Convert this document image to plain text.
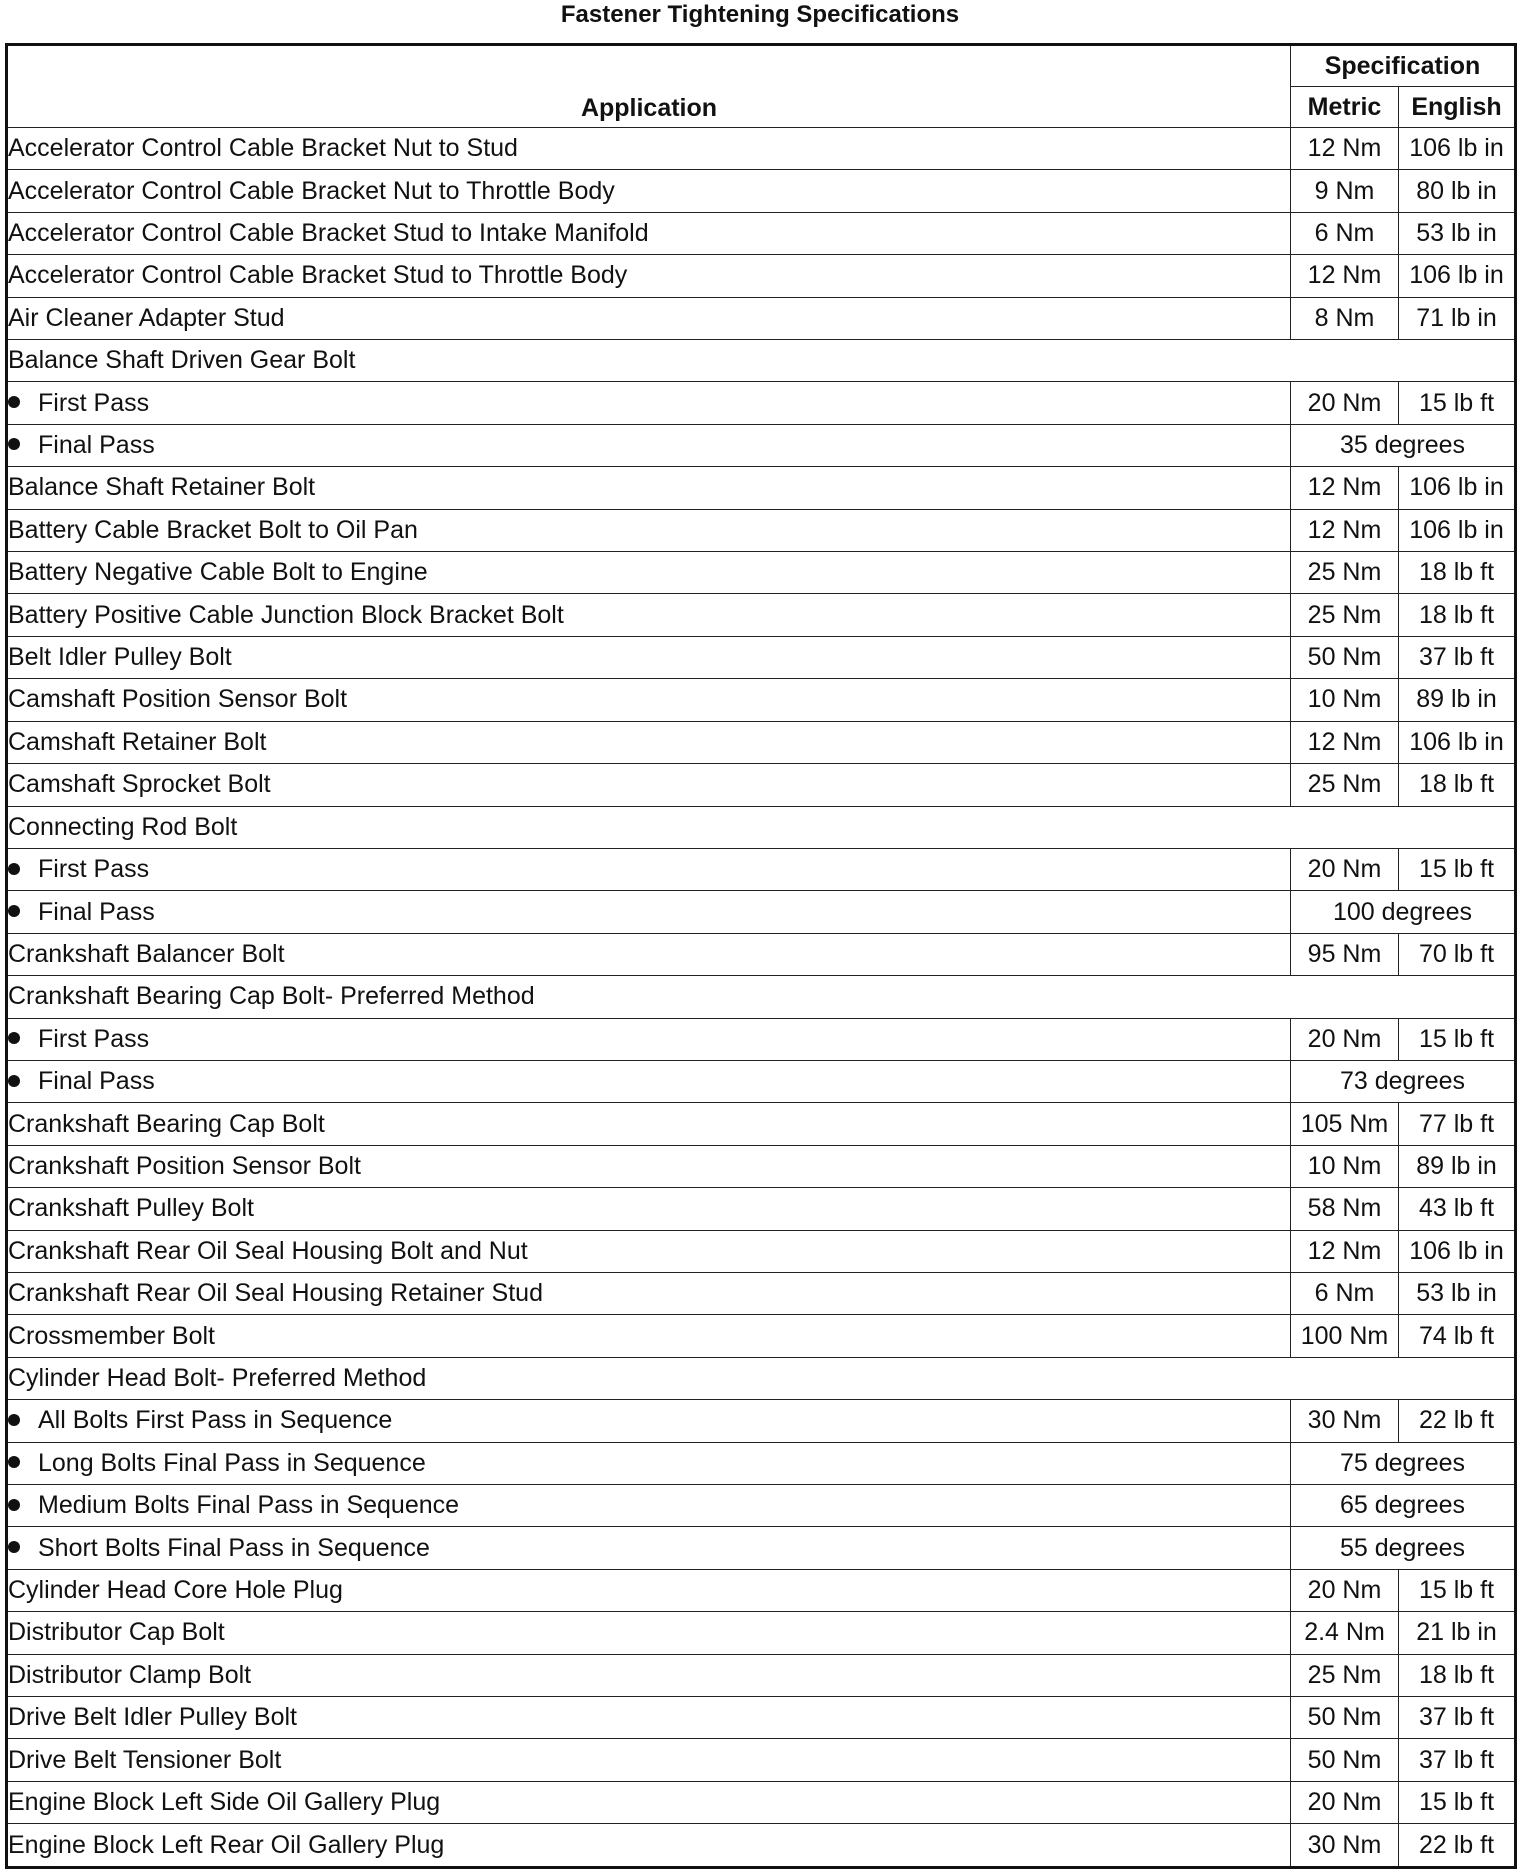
Fastener Tightening Specifications
Application	Specification	
	Metric	English
Accelerator Control Cable Bracket Nut to Stud	12 Nm	106 lb in
Accelerator Control Cable Bracket Nut to Throttle Body	9 Nm	80 lb in
Accelerator Control Cable Bracket Stud to Intake Manifold	6 Nm	53 lb in
Accelerator Control Cable Bracket Stud to Throttle Body	12 Nm	106 lb in
Air Cleaner Adapter Stud	8 Nm	71 lb in
Balance Shaft Driven Gear Bolt		
First Pass	20 Nm	15 lb ft
Final Pass	35 degrees	
Balance Shaft Retainer Bolt	12 Nm	106 lb in
Battery Cable Bracket Bolt to Oil Pan	12 Nm	106 lb in
Battery Negative Cable Bolt to Engine	25 Nm	18 lb ft
Battery Positive Cable Junction Block Bracket Bolt	25 Nm	18 lb ft
Belt Idler Pulley Bolt	50 Nm	37 lb ft
Camshaft Position Sensor Bolt	10 Nm	89 lb in
Camshaft Retainer Bolt	12 Nm	106 lb in
Camshaft Sprocket Bolt	25 Nm	18 lb ft
Connecting Rod Bolt		
First Pass	20 Nm	15 lb ft
Final Pass	100 degrees	
Crankshaft Balancer Bolt	95 Nm	70 lb ft
Crankshaft Bearing Cap Bolt- Preferred Method		
First Pass	20 Nm	15 lb ft
Final Pass	73 degrees	
Crankshaft Bearing Cap Bolt	105 Nm	77 lb ft
Crankshaft Position Sensor Bolt	10 Nm	89 lb in
Crankshaft Pulley Bolt	58 Nm	43 lb ft
Crankshaft Rear Oil Seal Housing Bolt and Nut	12 Nm	106 lb in
Crankshaft Rear Oil Seal Housing Retainer Stud	6 Nm	53 lb in
Crossmember Bolt	100 Nm	74 lb ft
Cylinder Head Bolt- Preferred Method		
All Bolts First Pass in Sequence	30 Nm	22 lb ft
Long Bolts Final Pass in Sequence	75 degrees	
Medium Bolts Final Pass in Sequence	65 degrees	
Short Bolts Final Pass in Sequence	55 degrees	
Cylinder Head Core Hole Plug	20 Nm	15 lb ft
Distributor Cap Bolt	2.4 Nm	21 lb in
Distributor Clamp Bolt	25 Nm	18 lb ft
Drive Belt Idler Pulley Bolt	50 Nm	37 lb ft
Drive Belt Tensioner Bolt	50 Nm	37 lb ft
Engine Block Left Side Oil Gallery Plug	20 Nm	15 lb ft
Engine Block Left Rear Oil Gallery Plug	30 Nm	22 lb ft
